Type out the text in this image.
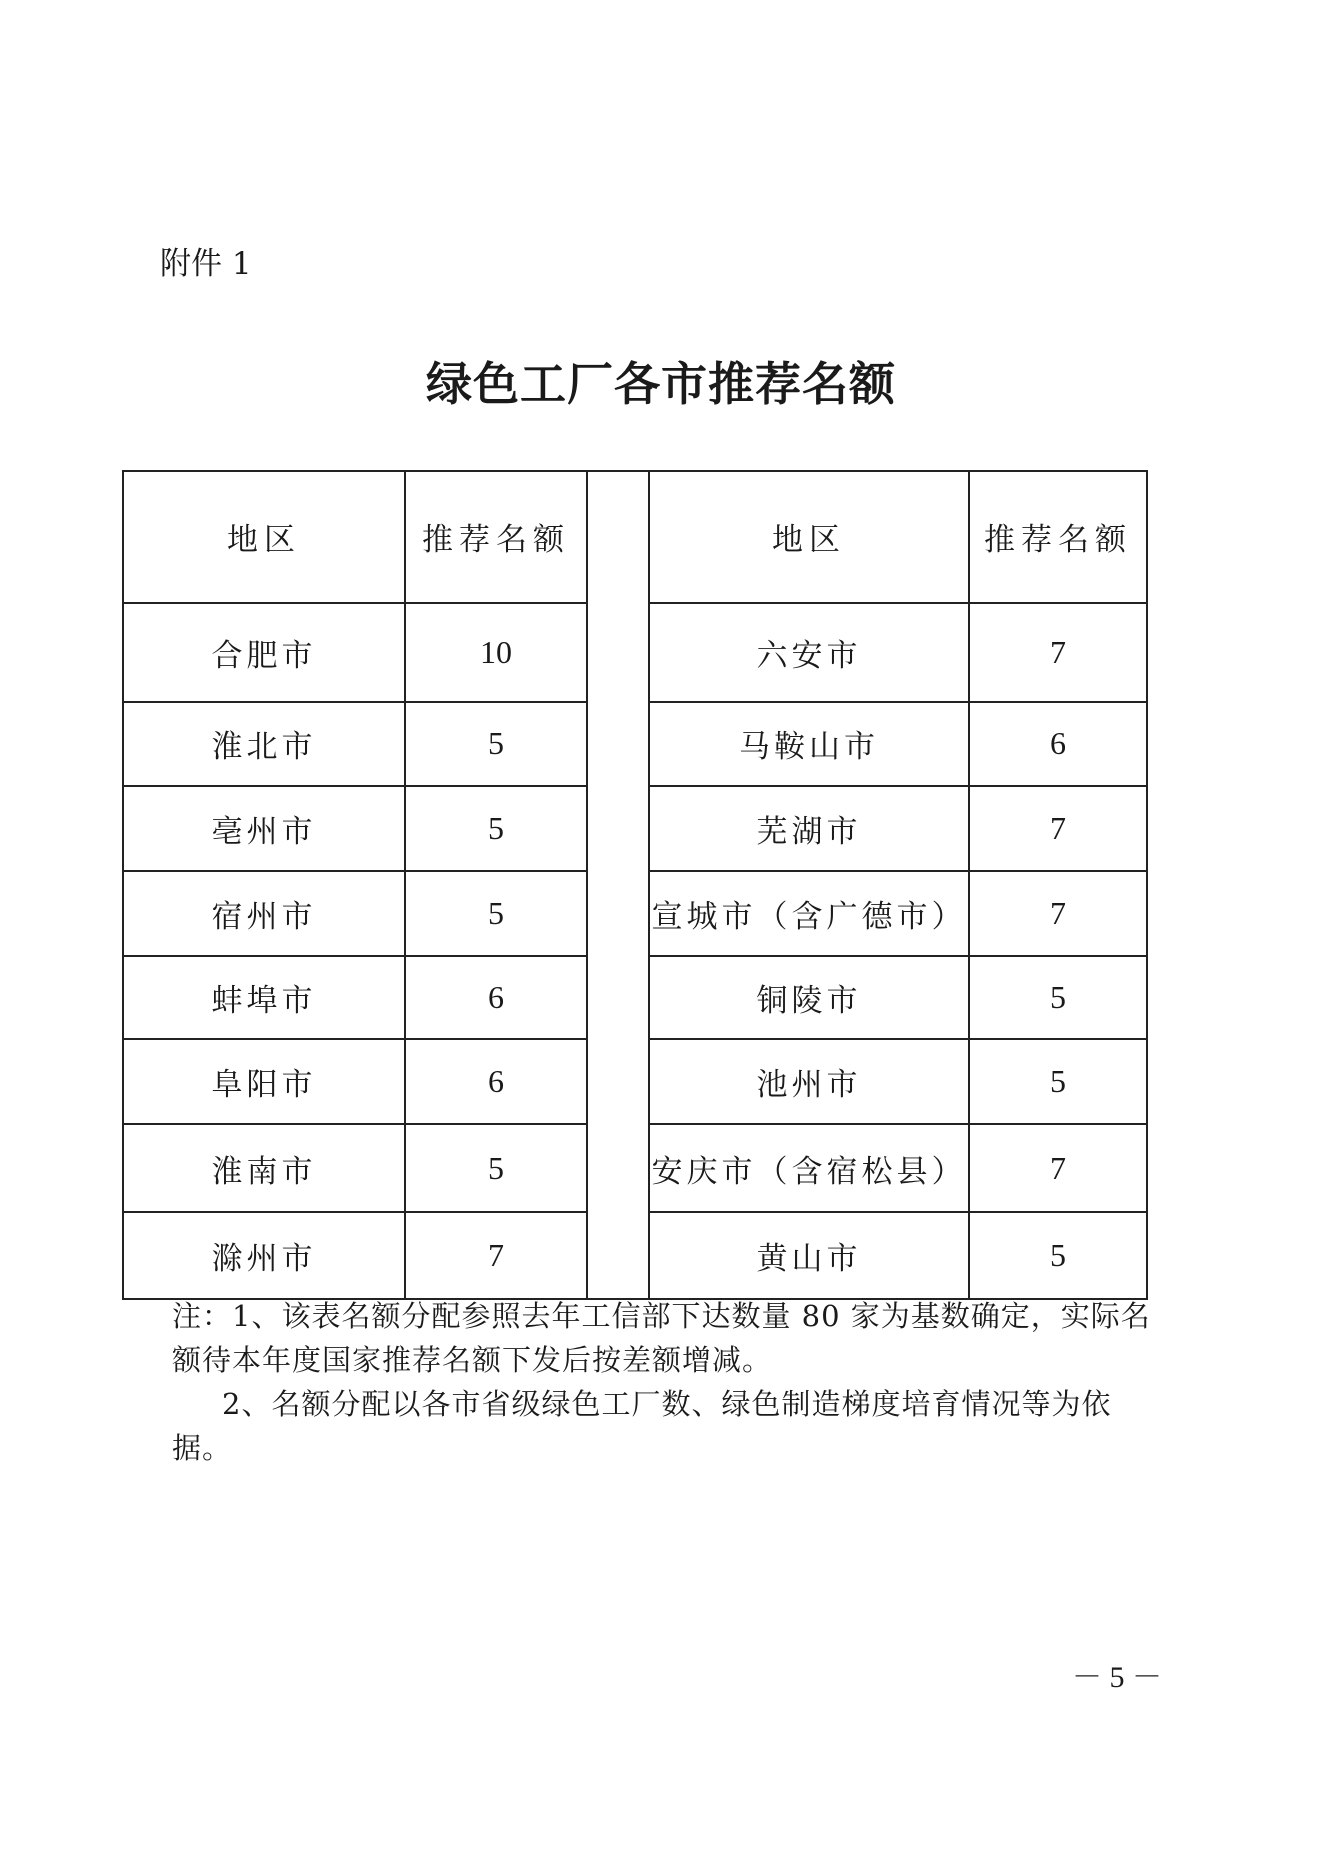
附件 1
绿色工厂各市推荐名额
地区	推荐名额		地区	推荐名额
合肥市	10		六安市	7
淮北市	5		马鞍山市	6
亳州市	5		芜湖市	7
宿州市	5		宣城市（含广德市）	7
蚌埠市	6		铜陵市	5
阜阳市	6		池州市	5
淮南市	5		安庆市（含宿松县）	7
滁州市	7		黄山市	5
注：1、该表名额分配参照去年工信部下达数量 80 家为基数确定，实际名额待本年度国家推荐名额下发后按差额增减。
2、名额分配以各市省级绿色工厂数、绿色制造梯度培育情况等为依据。
－ 5 －
